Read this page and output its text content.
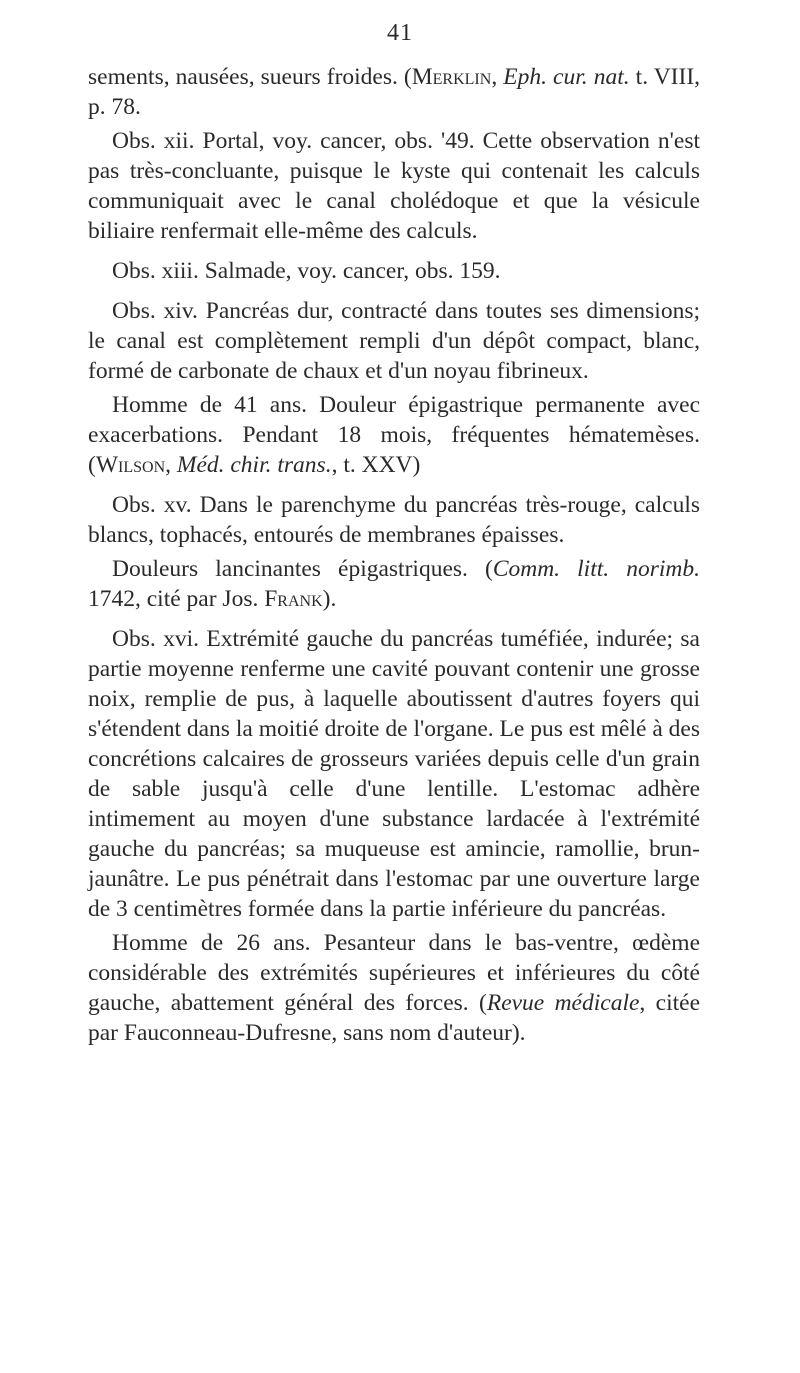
41

sements, nausées, sueurs froides. (Merklin, Eph. cur. nat. t. VIII, p. 78.

Obs. xii. Portal, voy. cancer, obs. '49. Cette observation n'est pas très-concluante, puisque le kyste qui contenait les calculs communiquait avec le canal cholédoque et que la vésicule biliaire renfermait elle-même des calculs.

Obs. xiii. Salmade, voy. cancer, obs. 159.

Obs. xiv. Pancréas dur, contracté dans toutes ses dimensions; le canal est complètement rempli d'un dépôt compact, blanc, formé de carbonate de chaux et d'un noyau fibrineux.

Homme de 41 ans. Douleur épigastrique permanente avec exacerbations. Pendant 18 mois, fréquentes hématemèses. (Wilson, Méd. chir. trans., t. XXV)

Obs. xv. Dans le parenchyme du pancréas très-rouge, calculs blancs, tophacés, entourés de membranes épaisses.

Douleurs lancinantes épigastriques. (Comm. litt. norimb. 1742, cité par Jos. Frank).

Obs. xvi. Extrémité gauche du pancréas tuméfiée, indurée; sa partie moyenne renferme une cavité pouvant contenir une grosse noix, remplie de pus, à laquelle aboutissent d'autres foyers qui s'étendent dans la moitié droite de l'organe. Le pus est mêlé à des concrétions calcaires de grosseurs variées depuis celle d'un grain de sable jusqu'à celle d'une lentille. L'estomac adhère intimement au moyen d'une substance lardacée à l'extrémité gauche du pancréas; sa muqueuse est amincie, ramollie, brun-jaunâtre. Le pus pénétrait dans l'estomac par une ouverture large de 3 centimètres formée dans la partie inférieure du pancréas.

Homme de 26 ans. Pesanteur dans le bas-ventre, œdème considérable des extrémités supérieures et inférieures du côté gauche, abattement général des forces. (Revue médicale, citée par Fauconneau-Dufresne, sans nom d'auteur).
